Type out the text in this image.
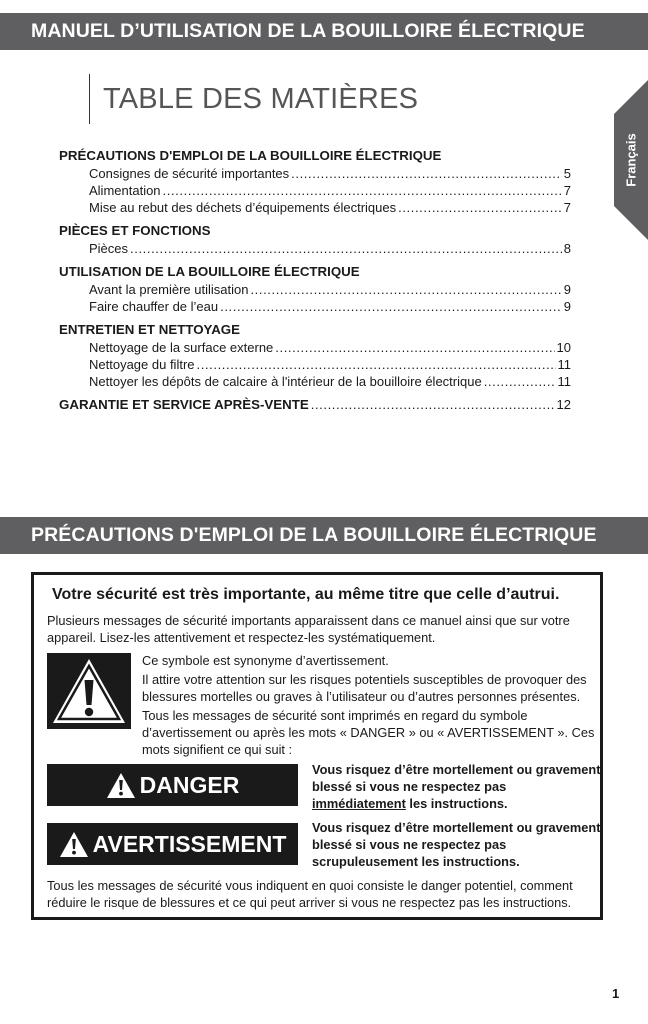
MANUEL D’UTILISATION DE LA BOUILLOIRE ÉLECTRIQUE
Français
TABLE DES MATIÈRES
PRÉCAUTIONS D'EMPLOI DE LA BOUILLOIRE ÉLECTRIQUE
Consignes de sécurité importantes .....	5
Alimentation .....	7
Mise au rebut des déchets d’équipements électriques .....	7
PIÈCES ET FONCTIONS
Pièces .....	8
UTILISATION DE LA BOUILLOIRE ÉLECTRIQUE
Avant la première utilisation .....	9
Faire chauffer de l’eau .....	9
ENTRETIEN ET NETTOYAGE
Nettoyage de la surface externe .....	10
Nettoyage du filtre .....	11
Nettoyer les dépôts de calcaire à l'intérieur de la bouilloire électrique .....	11
GARANTIE ET SERVICE APRÈS-VENTE .....	12
PRÉCAUTIONS D'EMPLOI DE LA BOUILLOIRE ÉLECTRIQUE
Votre sécurité est très importante, au même titre que celle d’autrui.
Plusieurs messages de sécurité importants apparaissent dans ce manuel ainsi que sur votre appareil. Lisez-les attentivement et respectez-les systématiquement.

Ce symbole est synonyme d’avertissement.

Il attire votre attention sur les risques potentiels susceptibles de provoquer des blessures mortelles ou graves à l’utilisateur ou d’autres personnes présentes.

Tous les messages de sécurité sont imprimés en regard du symbole d’avertissement ou après les mots « DANGER » ou « AVERTISSEMENT ». Ces mots signifient ce qui suit :

DANGER
Vous risquez d’être mortellement ou gravement blessé si vous ne respectez pas immédiatement les instructions.
AVERTISSEMENT
Vous risquez d’être mortellement ou gravement blessé si vous ne respectez pas scrupuleusement les instructions.
Tous les messages de sécurité vous indiquent en quoi consiste le danger potentiel, comment réduire le risque de blessures et ce qui peut arriver si vous ne respectez pas les instructions.
1
